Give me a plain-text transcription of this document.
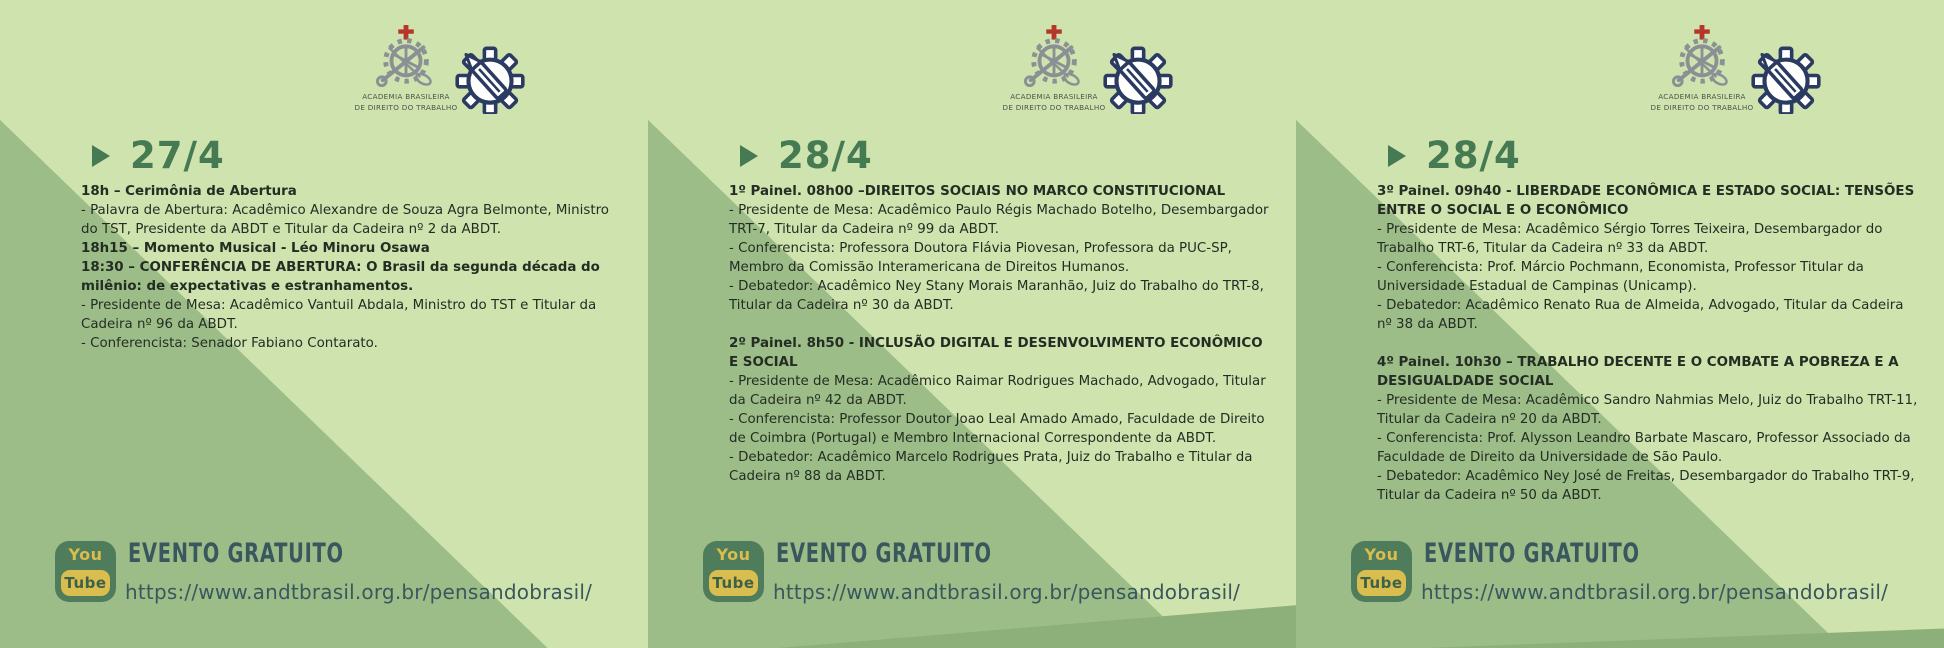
ACADEMIA BRASILEIRA
DE DIREITO DO TRABALHO
27/4

18h – Cerimônia de Abertura

- Palavra de Abertura: Acadêmico Alexandre de Souza Agra Belmonte, Ministro do TST, Presidente da ABDT e Titular da Cadeira nº 2 da ABDT.

18h15 – Momento Musical - Léo Minoru Osawa

18:30 – CONFERÊNCIA DE ABERTURA: O Brasil da segunda década do milênio: de expectativas e estranhamentos.

- Presidente de Mesa: Acadêmico Vantuil Abdala, Ministro do TST e Titular da Cadeira nº 96 da ABDT.

- Conferencista: Senador Fabiano Contarato.

You
Tube
EVENTO GRATUITO
https://www.andtbrasil.org.br/pensandobrasil/
ACADEMIA BRASILEIRA
DE DIREITO DO TRABALHO
28/4

1º Painel. 08h00 –DIREITOS SOCIAIS NO MARCO CONSTITUCIONAL

- Presidente de Mesa: Acadêmico Paulo Régis Machado Botelho, Desembargador TRT-7, Titular da Cadeira nº 99 da ABDT.

- Conferencista: Professora Doutora Flávia Piovesan, Professora da PUC-SP, Membro da Comissão Interamericana de Direitos Humanos.

- Debatedor: Acadêmico Ney Stany Morais Maranhão, Juiz do Trabalho do TRT-8, Titular da Cadeira nº 30 da ABDT.

2º Painel. 8h50 - INCLUSÃO DIGITAL E DESENVOLVIMENTO ECONÔMICO E SOCIAL

- Presidente de Mesa: Acadêmico Raimar Rodrigues Machado, Advogado, Titular da Cadeira nº 42 da ABDT.

- Conferencista: Professor Doutor Joao Leal Amado Amado, Faculdade de Direito de Coimbra (Portugal) e Membro Internacional Correspondente da ABDT.

- Debatedor: Acadêmico Marcelo Rodrigues Prata, Juiz do Trabalho e Titular da Cadeira nº 88 da ABDT.

You
Tube
EVENTO GRATUITO
https://www.andtbrasil.org.br/pensandobrasil/
ACADEMIA BRASILEIRA
DE DIREITO DO TRABALHO
28/4

3º Painel. 09h40 - LIBERDADE ECONÔMICA E ESTADO SOCIAL: TENSÕES ENTRE O SOCIAL E O ECONÔMICO

- Presidente de Mesa: Acadêmico Sérgio Torres Teixeira, Desembargador do Trabalho TRT-6, Titular da Cadeira nº 33 da ABDT.

- Conferencista: Prof. Márcio Pochmann, Economista, Professor Titular da Universidade Estadual de Campinas (Unicamp).

- Debatedor: Acadêmico Renato Rua de Almeida, Advogado, Titular da Cadeira nº 38 da ABDT.

4º Painel. 10h30 – TRABALHO DECENTE E O COMBATE A POBREZA E A DESIGUALDADE SOCIAL

- Presidente de Mesa: Acadêmico Sandro Nahmias Melo, Juiz do Trabalho TRT-11, Titular da Cadeira nº 20 da ABDT.

- Conferencista: Prof. Alysson Leandro Barbate Mascaro, Professor Associado da Faculdade de Direito da Universidade de São Paulo.

- Debatedor: Acadêmico Ney José de Freitas, Desembargador do Trabalho TRT-9, Titular da Cadeira nº 50 da ABDT.

You
Tube
EVENTO GRATUITO
https://www.andtbrasil.org.br/pensandobrasil/
